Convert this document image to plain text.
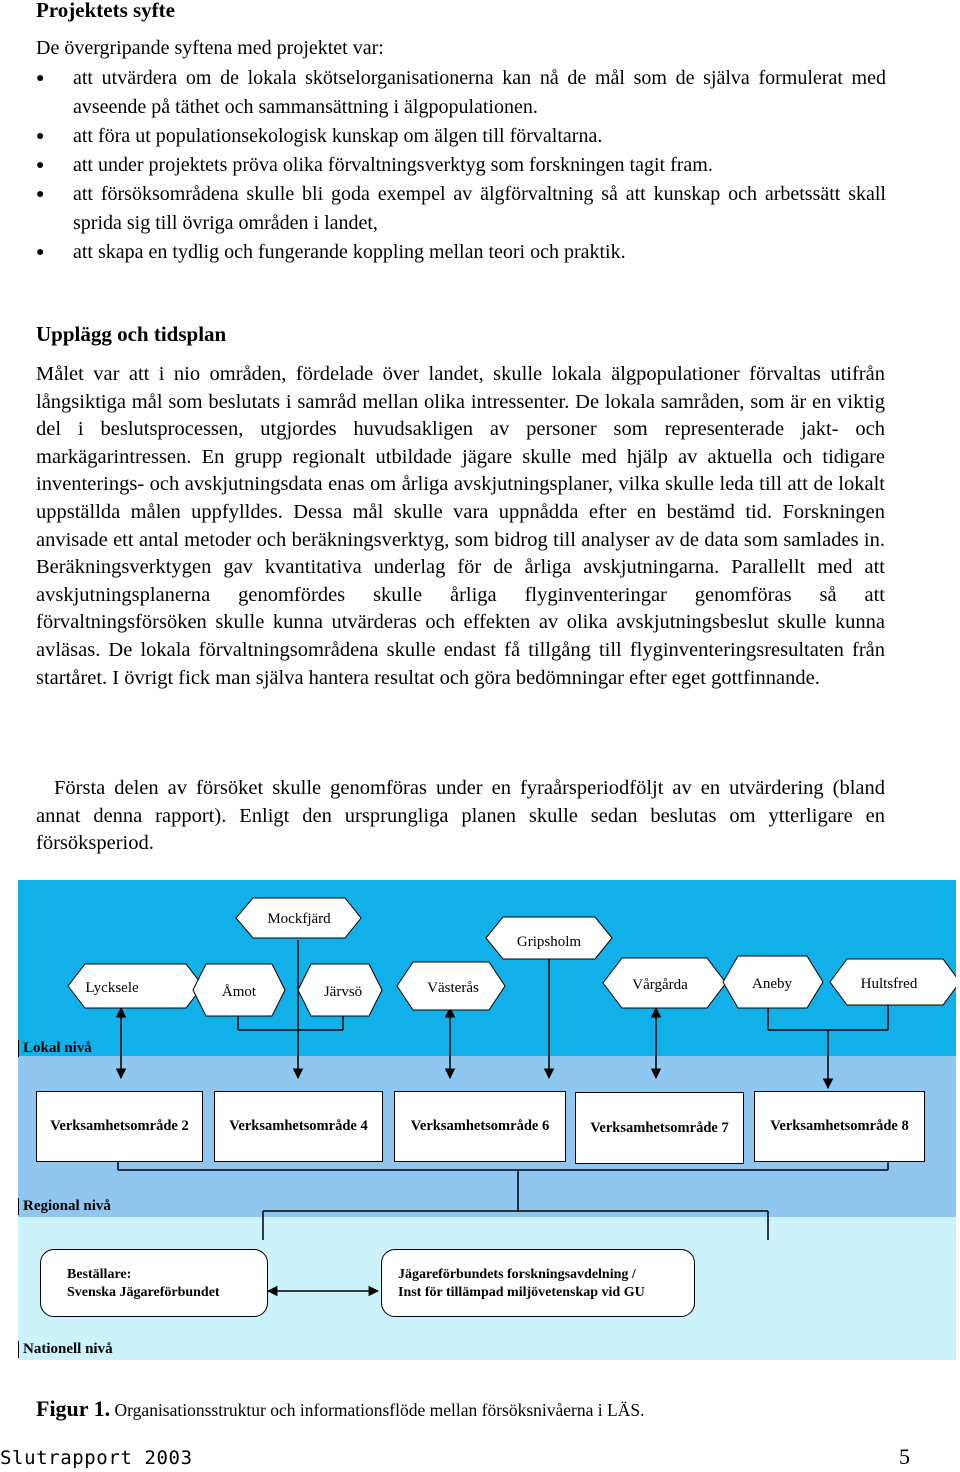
Projektets syfte
De övergripande syftena med projektet var:
● att utvärdera om de lokala skötselorganisationerna kan nå de mål som de själva formulerat med avseende på täthet och sammansättning i älgpopulationen.
● att föra ut populationsekologisk kunskap om älgen till förvaltarna.
● att under projektets pröva olika förvaltningsverktyg som forskningen tagit fram.
● att försöksområdena skulle bli goda exempel av älgförvaltning så att kunskap och arbetssätt skall sprida sig till övriga områden i landet,
● att skapa en tydlig och fungerande koppling mellan teori och praktik.
Upplägg och tidsplan

Målet var att i nio områden, fördelade över landet, skulle lokala älgpopulationer förvaltas utifrån långsiktiga mål som beslutats i samråd mellan olika intressenter. De lokala samråden, som är en viktig del i beslutsprocessen, utgjordes huvudsakligen av personer som representerade jakt- och markägarintressen. En grupp regionalt utbildade jägare skulle med hjälp av aktuella och tidigare inventerings- och avskjutningsdata enas om årliga avskjutningsplaner, vilka skulle leda till att de lokalt uppställda målen uppfylldes. Dessa mål skulle vara uppnådda efter en bestämd tid. Forskningen anvisade ett antal metoder och beräkningsverktyg, som bidrog till analyser av de data som samlades in. Beräkningsverktygen gav kvantitativa underlag för de årliga avskjutningarna. Parallellt med att avskjutningsplanerna genomfördes skulle årliga flyginventeringar genomföras så att förvaltningsförsöken skulle kunna utvärderas och effekten av olika avskjutningsbeslut skulle kunna avläsas. De lokala förvaltningsområdena skulle endast få tillgång till flyginventeringsresultaten från startåret. I övrigt fick man själva hantera resultat och göra bedömningar efter eget gottfinnande.

Första delen av försöket skulle genomföras under en fyraårsperiodföljt av en utvärdering (bland annat denna rapport). Enligt den ursprungliga planen skulle sedan beslutas om ytterligare en försöksperiod.

Mockfjärd
Gripsholm
Lycksele	Åmot	Järvsö	Västerås	Vårgårda	Aneby	Hultsfred
Lokal nivå
Regional nivå
Nationell nivå
Verksamhetsområde 2	Verksamhetsområde 4	Verksamhetsområde 6	Verksamhetsområde 7	Verksamhetsområde 8
Beställare:
Svenska Jägareförbundet
Jägareförbundets forskningsavdelning /
Inst för tillämpad miljövetenskap vid GU
Figur 1. Organisationsstruktur och informationsflöde mellan försöksnivåerna i LÄS.
Slutrapport 2003	5
